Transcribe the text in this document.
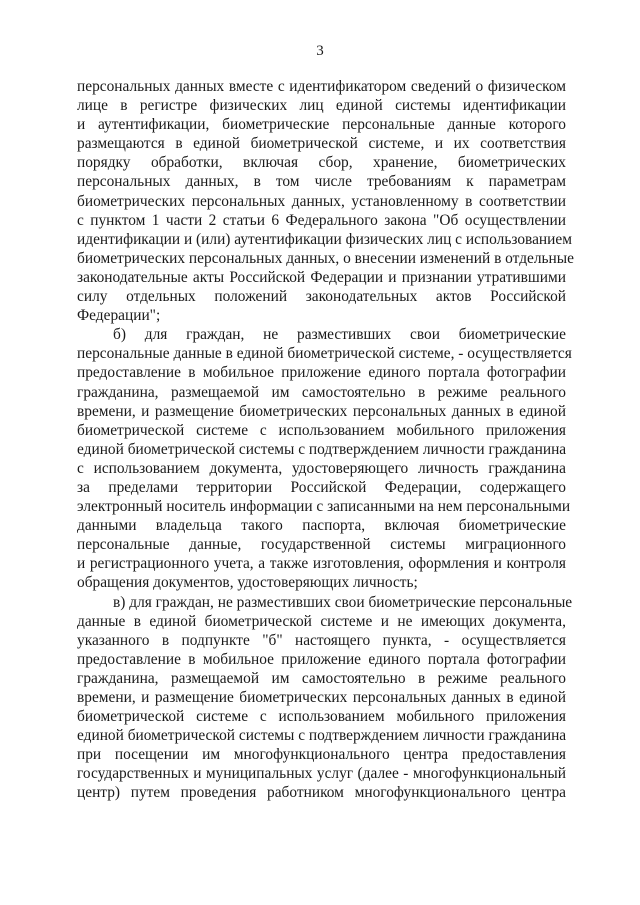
3
персональных данных вместе с идентификатором сведений о физическом
лице в регистре физических лиц единой системы идентификации
и аутентификации, биометрические персональные данные которого
размещаются в единой биометрической системе, и их соответствия
порядку обработки, включая сбор, хранение, биометрических
персональных данных, в том числе требованиям к параметрам
биометрических персональных данных, установленному в соответствии
с пунктом 1 части 2 статьи 6 Федерального закона "Об осуществлении
идентификации и (или) аутентификации физических лиц с использованием
биометрических персональных данных, о внесении изменений в отдельные
законодательные акты Российской Федерации и признании утратившими
силу отдельных положений законодательных актов Российской
Федерации";
б) для граждан, не разместивших свои биометрические
персональные данные в единой биометрической системе, - осуществляется
предоставление в мобильное приложение единого портала фотографии
гражданина, размещаемой им самостоятельно в режиме реального
времени, и размещение биометрических персональных данных в единой
биометрической системе с использованием мобильного приложения
единой биометрической системы с подтверждением личности гражданина
с использованием документа, удостоверяющего личность гражданина
за пределами территории Российской Федерации, содержащего
электронный носитель информации с записанными на нем персональными
данными владельца такого паспорта, включая биометрические
персональные данные, государственной системы миграционного
и регистрационного учета, а также изготовления, оформления и контроля
обращения документов, удостоверяющих личность;
в) для граждан, не разместивших свои биометрические персональные
данные в единой биометрической системе и не имеющих документа,
указанного в подпункте "б" настоящего пункта, - осуществляется
предоставление в мобильное приложение единого портала фотографии
гражданина, размещаемой им самостоятельно в режиме реального
времени, и размещение биометрических персональных данных в единой
биометрической системе с использованием мобильного приложения
единой биометрической системы с подтверждением личности гражданина
при посещении им многофункционального центра предоставления
государственных и муниципальных услуг (далее - многофункциональный
центр) путем проведения работником многофункционального центра
